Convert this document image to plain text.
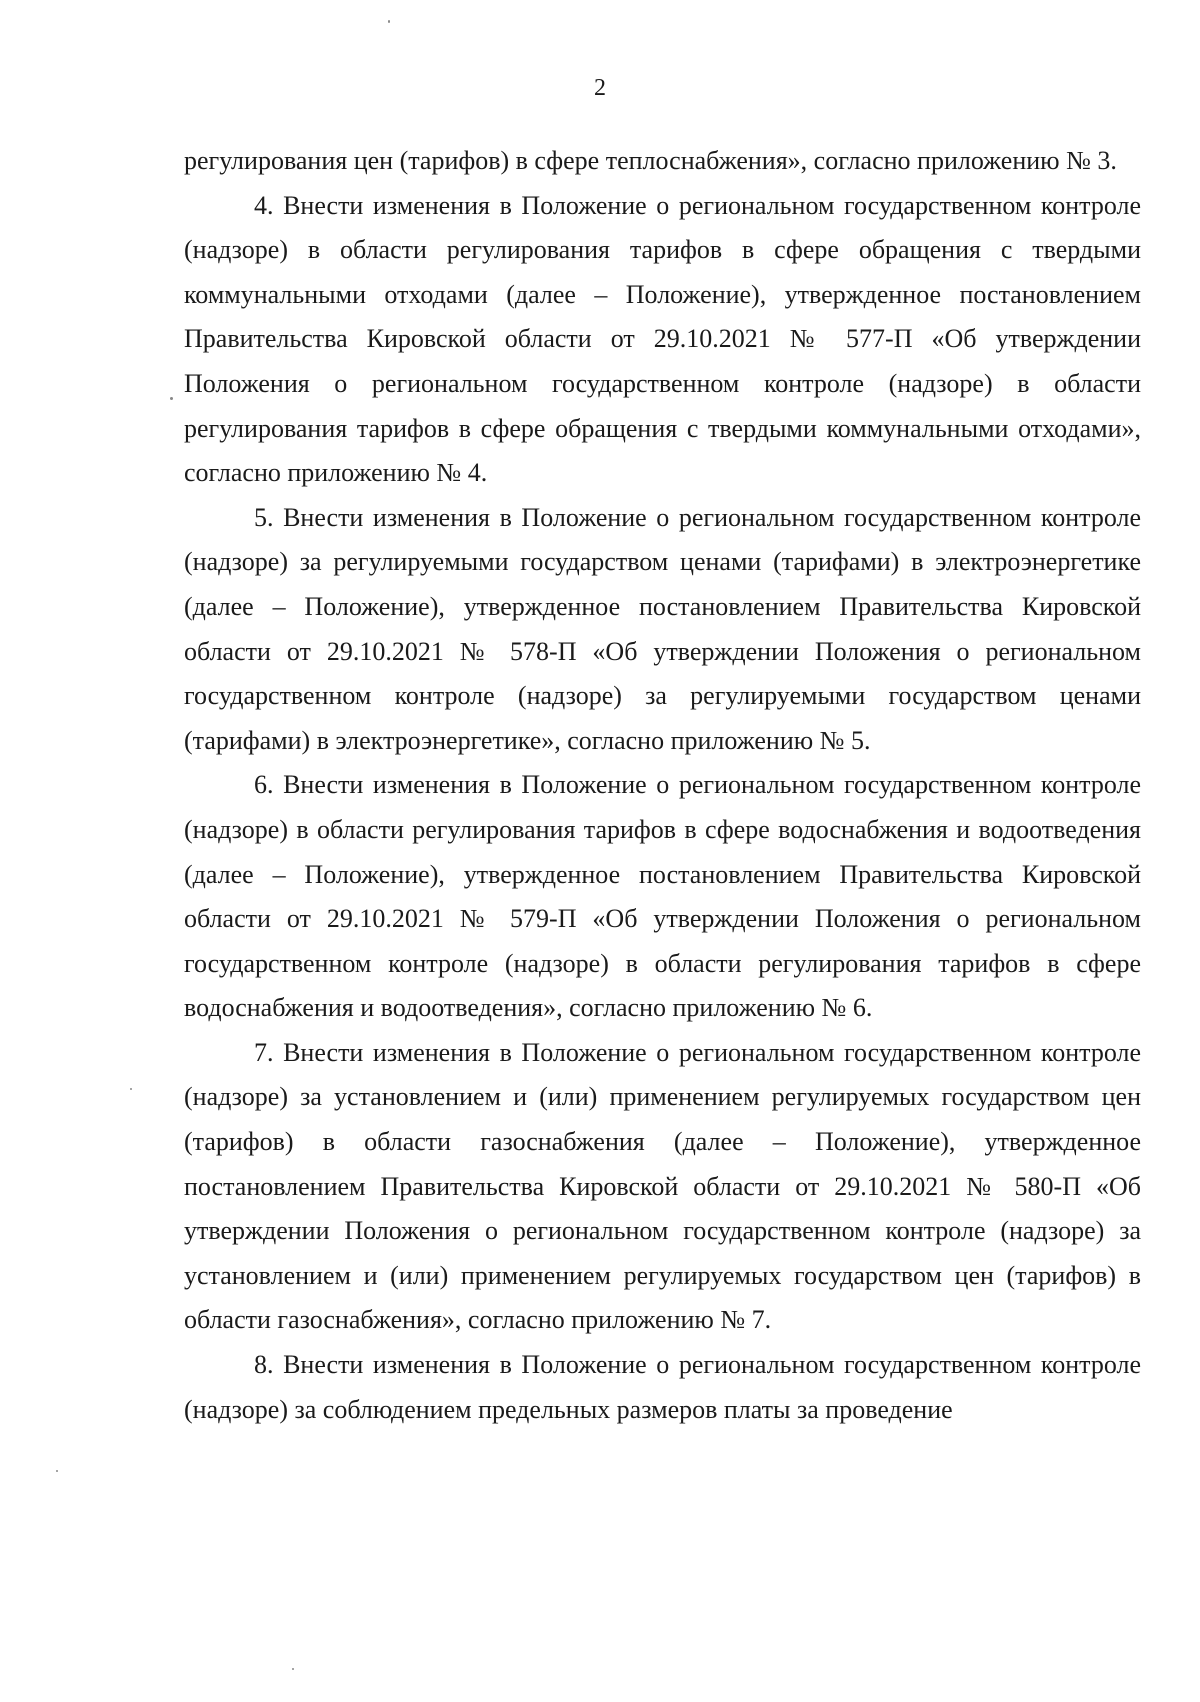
2

регулирования цен (тарифов) в сфере теплоснабжения», согласно приложению № 3.

4. Внести изменения в Положение о региональном государственном контроле (надзоре) в области регулирования тарифов в сфере обращения с твердыми коммунальными отходами (далее – Положение), утвержденное постановлением Правительства Кировской области от 29.10.2021 № 577-П «Об утверждении Положения о региональном государственном контроле (надзоре) в области регулирования тарифов в сфере обращения с твердыми коммунальными отходами», согласно приложению № 4.

5. Внести изменения в Положение о региональном государственном контроле (надзоре) за регулируемыми государством ценами (тарифами) в электроэнергетике (далее – Положение), утвержденное постановлением Правительства Кировской области от 29.10.2021 № 578-П «Об утверждении Положения о региональном государственном контроле (надзоре) за регулируемыми государством ценами (тарифами) в электроэнергетике», согласно приложению № 5.

6. Внести изменения в Положение о региональном государственном контроле (надзоре) в области регулирования тарифов в сфере водоснабжения и водоотведения (далее – Положение), утвержденное постановлением Правительства Кировской области от 29.10.2021 № 579-П «Об утверждении Положения о региональном государственном контроле (надзоре) в области регулирования тарифов в сфере водоснабжения и водоотведения», согласно приложению № 6.

7. Внести изменения в Положение о региональном государственном контроле (надзоре) за установлением и (или) применением регулируемых государством цен (тарифов) в области газоснабжения (далее – Положение), утвержденное постановлением Правительства Кировской области от 29.10.2021 № 580-П «Об утверждении Положения о региональном государственном контроле (надзоре) за установлением и (или) применением регулируемых государством цен (тарифов) в области газоснабжения», согласно приложению № 7.

8. Внести изменения в Положение о региональном государственном контроле (надзоре) за соблюдением предельных размеров платы за проведение
